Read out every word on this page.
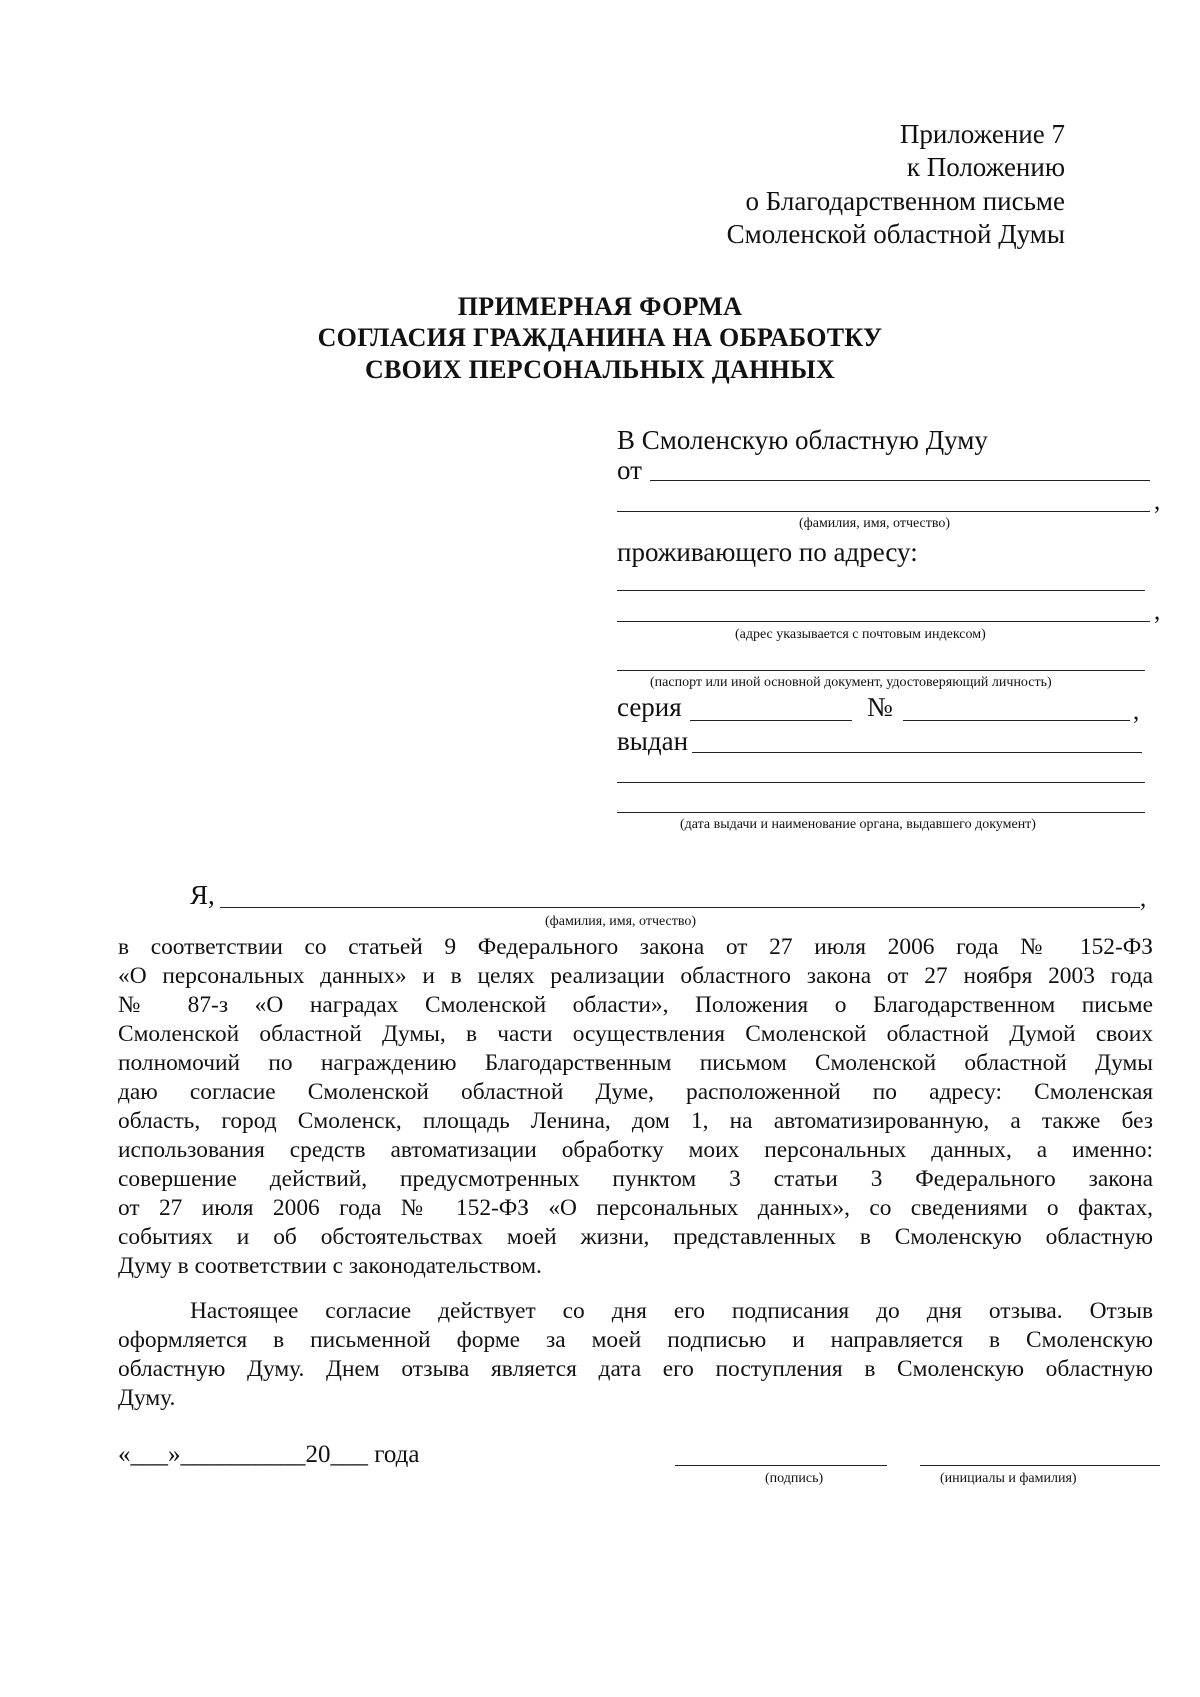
Приложение 7
к Положению
о Благодарственном письме
Смоленской областной Думы
ПРИМЕРНАЯ ФОРМА
СОГЛАСИЯ ГРАЖДАНИНА НА ОБРАБОТКУ
СВОИХ ПЕРСОНАЛЬНЫХ ДАННЫХ
В Смоленскую областную Думу
от
,
(фамилия, имя, отчество)
проживающего по адресу:
,
(адрес указывается с почтовым индексом)
(паспорт или иной основной документ, удостоверяющий личность)
серия	№	,
выдан
(дата выдачи и наименование органа, выдавшего документ)
Я,	,
(фамилия, имя, отчество)
в соответствии со статьей 9 Федерального закона от 27 июля 2006 года № 152-ФЗ
«О персональных данных» и в целях реализации областного закона от 27 ноября 2003 года
№ 87-з «О наградах Смоленской области», Положения о Благодарственном письме
Смоленской областной Думы, в части осуществления Смоленской областной Думой своих
полномочий по награждению Благодарственным письмом Смоленской областной Думы
даю согласие Смоленской областной Думе, расположенной по адресу: Смоленская
область, город Смоленск, площадь Ленина, дом 1, на автоматизированную, а также без
использования средств автоматизации обработку моих персональных данных, а именно:
совершение действий, предусмотренных пунктом 3 статьи 3 Федерального закона
от 27 июля 2006 года № 152-ФЗ «О персональных данных», со сведениями о фактах,
событиях и об обстоятельствах моей жизни, представленных в Смоленскую областную
Думу в соответствии с законодательством.
Настоящее согласие действует со дня его подписания до дня отзыва. Отзыв
оформляется в письменной форме за моей подписью и направляется в Смоленскую
областную Думу. Днем отзыва является дата его поступления в Смоленскую областную
Думу.
«___»__________20___ года
(подпись)	(инициалы и фамилия)
